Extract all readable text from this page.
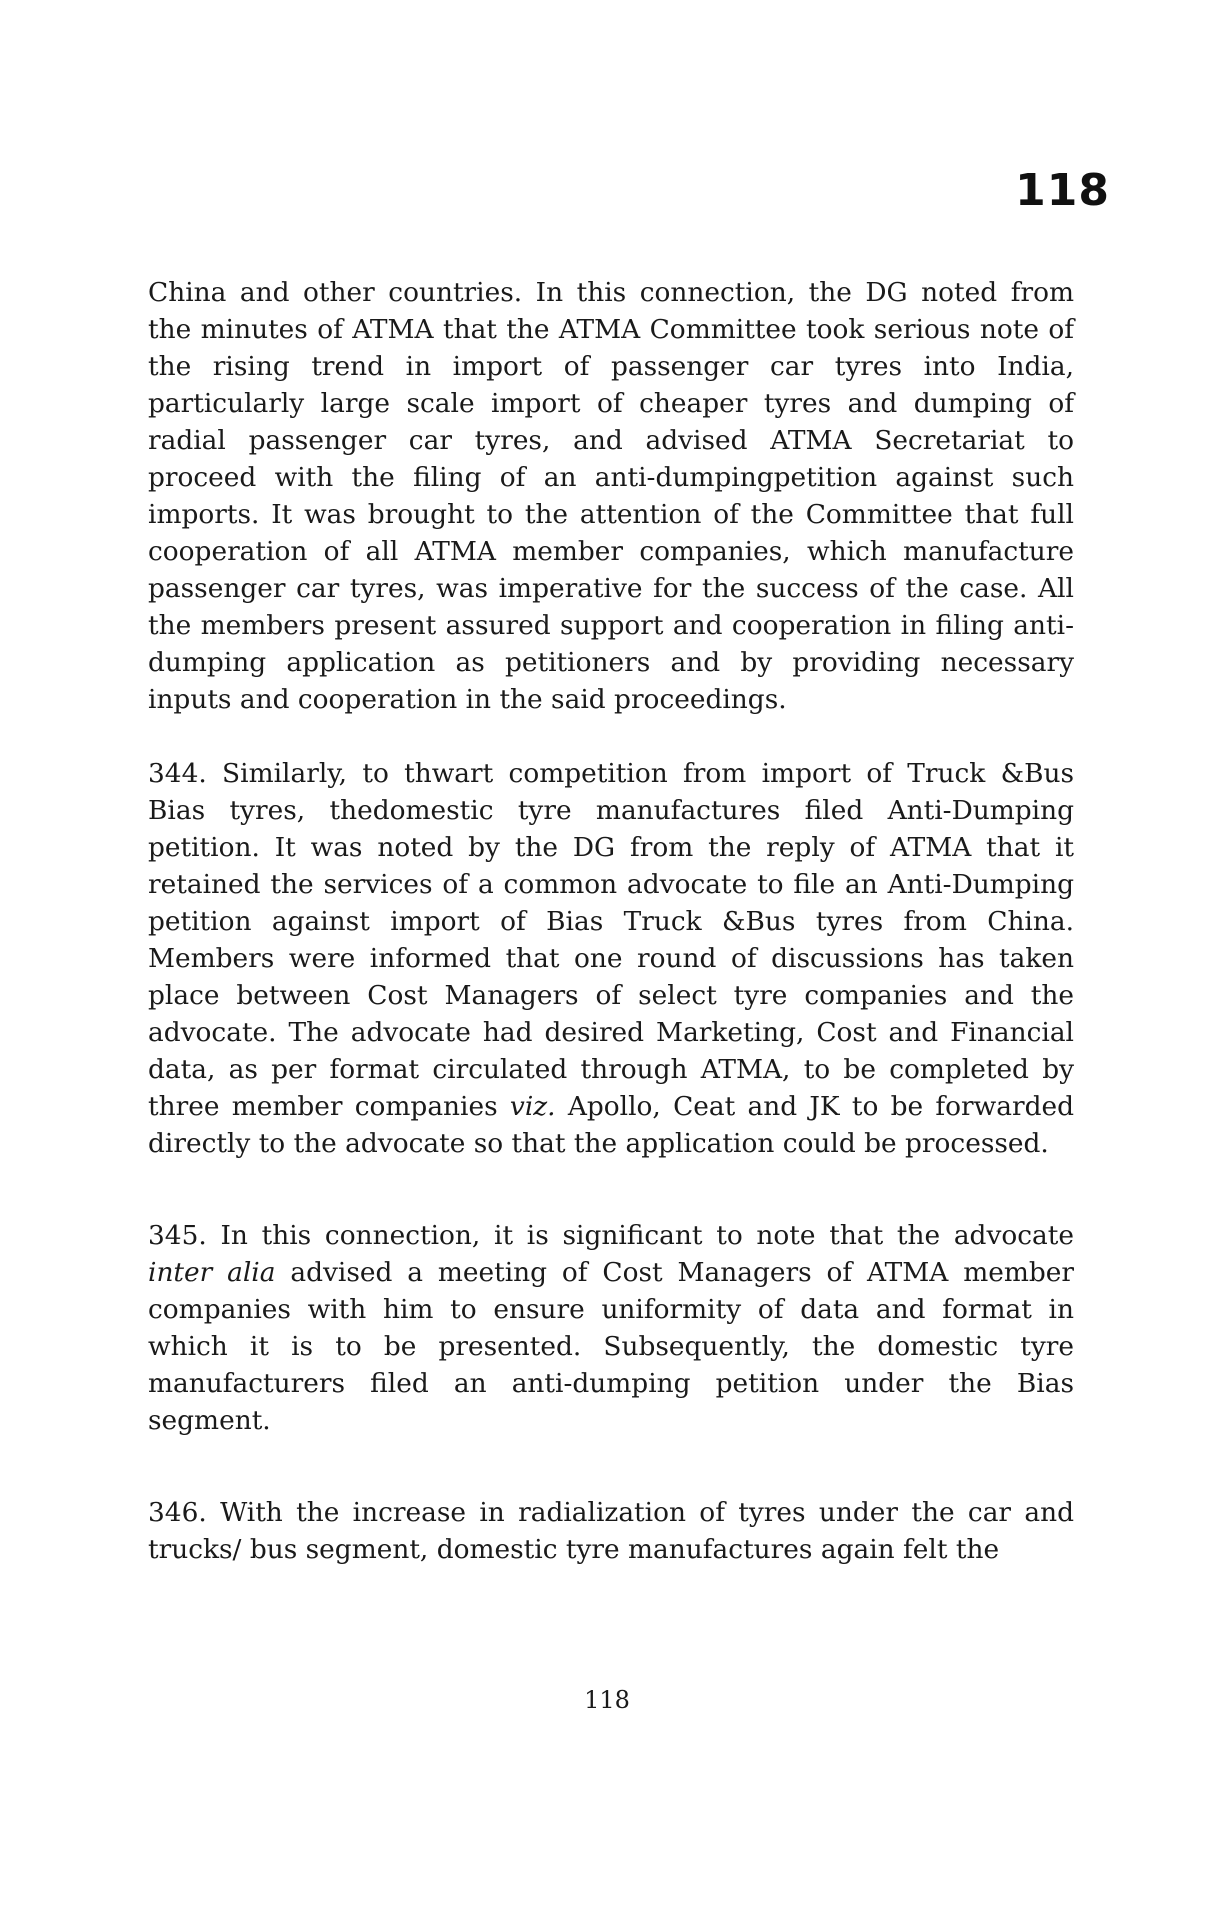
118

China and other countries. In this connection, the DG noted from the minutes of ATMA that the ATMA Committee took serious note of the rising trend in import of passenger car tyres into India, particularly large scale import of cheaper tyres and dumping of radial passenger car tyres, and advised ATMA Secretariat to proceed with the filing of an anti-dumpingpetition against such imports. It was brought to the attention of the Committee that full cooperation of all ATMA member companies, which manufacture passenger car tyres, was imperative for the success of the case. All the members present assured support and cooperation in filing anti-dumping application as petitioners and by providing necessary inputs and cooperation in the said proceedings.

344. Similarly, to thwart competition from import of Truck &Bus Bias tyres, thedomestic tyre manufactures filed Anti-Dumping petition. It was noted by the DG from the reply of ATMA that it retained the services of a common advocate to file an Anti-Dumping petition against import of Bias Truck &Bus tyres from China. Members were informed that one round of discussions has taken place between Cost Managers of select tyre companies and the advocate. The advocate had desired Marketing, Cost and Financial data, as per format circulated through ATMA, to be completed by three member companies viz. Apollo, Ceat and JK to be forwarded directly to the advocate so that the application could be processed.

345. In this connection, it is significant to note that the advocate inter alia advised a meeting of Cost Managers of ATMA member companies with him to ensure uniformity of data and format in which it is to be presented. Subsequently, the domestic tyre manufacturers filed an anti-dumping petition under the Bias segment.

346. With the increase in radialization of tyres under the car and trucks/ bus segment, domestic tyre manufactures again felt the

118
